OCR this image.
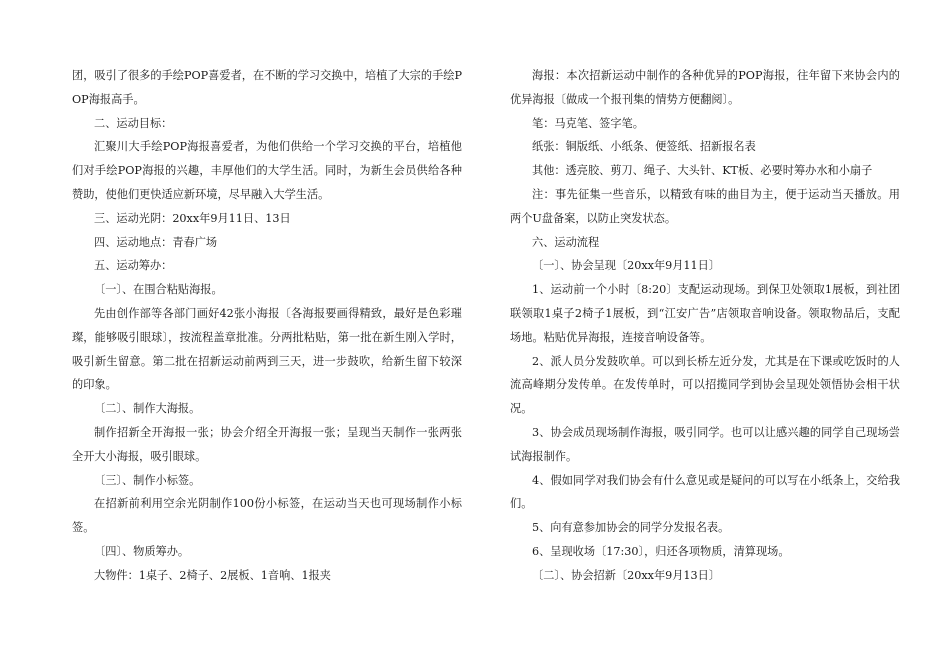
团，吸引了很多的手绘POP喜爱者，在不断的学习交换中，培植了大宗的手绘POP海报高手。

二、运动目标：

汇聚川大手绘POP海报喜爱者，为他们供给一个学习交换的平台，培植他们对手绘POP海报的兴趣，丰厚他们的大学生活。同时，为新生会员供给各种赞助，使他们更快适应新环境，尽早融入大学生活。

三、运动光阴：20xx年9月11日、13日

四、运动地点：青春广场

五、运动筹办：

〔一〕、在围合粘贴海报。

先由创作部等各部门画好42张小海报〔各海报要画得精致，最好是色彩璀璨，能够吸引眼球〕，按流程盖章批准。分两批粘贴，第一批在新生刚入学时，吸引新生留意。第二批在招新运动前两到三天，进一步鼓吹，给新生留下较深的印象。

〔二〕、制作大海报。

制作招新全开海报一张；协会介绍全开海报一张；呈现当天制作一张两张全开大小海报，吸引眼球。

〔三〕、制作小标签。

在招新前利用空余光阴制作100份小标签，在运动当天也可现场制作小标签。

〔四〕、物质筹办。

大物件：1桌子、2椅子、2展板、1音响、1报夹

海报：本次招新运动中制作的各种优异的POP海报，往年留下来协会内的优异海报〔做成一个报刊集的情势方便翻阅〕。

笔：马克笔、签字笔。

纸张：铜版纸、小纸条、便签纸、招新报名表

其他：透亮胶、剪刀、绳子、大头针、KT板、必要时筹办水和小扇子

注：事先征集一些音乐，以精致有味的曲目为主，便于运动当天播放。用两个U盘备案，以防止突发状态。

六、运动流程

〔一〕、协会呈现〔20xx年9月11日〕

1、运动前一个小时〔8:20〕支配运动现场。到保卫处领取1展板，到社团联领取1桌子2椅子1展板，到“江安广告”店领取音响设备。领取物品后，支配场地。粘贴优异海报，连接音响设备等。

2、派人员分发鼓吹单。可以到长桥左近分发，尤其是在下课或吃饭时的人流高峰期分发传单。在发传单时，可以招揽同学到协会呈现处领悟协会相干状况。

3、协会成员现场制作海报，吸引同学。也可以让感兴趣的同学自己现场尝试海报制作。

4、假如同学对我们协会有什么意见或是疑问的可以写在小纸条上，交给我们。

5、向有意参加协会的同学分发报名表。

6、呈现收场〔17:30〕，归还各项物质，清算现场。

〔二〕、协会招新〔20xx年9月13日〕
